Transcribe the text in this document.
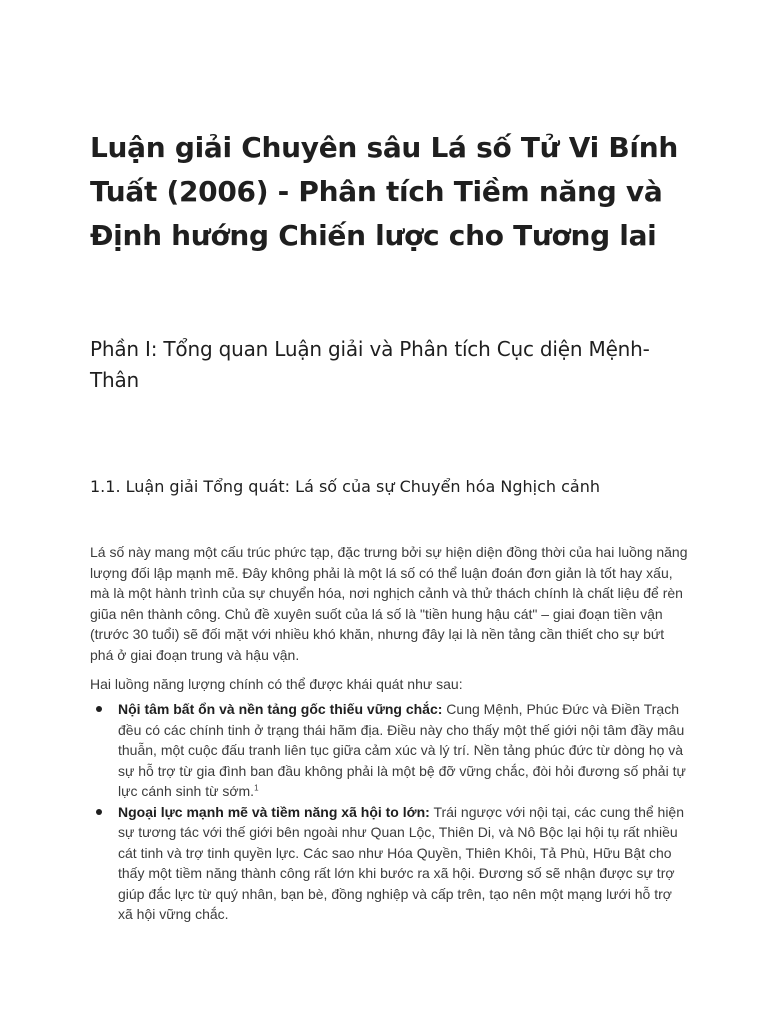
Luận giải Chuyên sâu Lá số Tử Vi Bính Tuất (2006) - Phân tích Tiềm năng và Định hướng Chiến lược cho Tương lai
Phần I: Tổng quan Luận giải và Phân tích Cục diện Mệnh-Thân
1.1. Luận giải Tổng quát: Lá số của sự Chuyển hóa Nghịch cảnh

Lá số này mang một cấu trúc phức tạp, đặc trưng bởi sự hiện diện đồng thời của hai luồng năng lượng đối lập mạnh mẽ. Đây không phải là một lá số có thể luận đoán đơn giản là tốt hay xấu, mà là một hành trình của sự chuyển hóa, nơi nghịch cảnh và thử thách chính là chất liệu để rèn giũa nên thành công. Chủ đề xuyên suốt của lá số là "tiền hung hậu cát" – giai đoạn tiền vận (trước 30 tuổi) sẽ đối mặt với nhiều khó khăn, nhưng đây lại là nền tảng cần thiết cho sự bứt phá ở giai đoạn trung và hậu vận.

Hai luồng năng lượng chính có thể được khái quát như sau:

Nội tâm bất ổn và nền tảng gốc thiếu vững chắc: Cung Mệnh, Phúc Đức và Điền Trạch đều có các chính tinh ở trạng thái hãm địa. Điều này cho thấy một thế giới nội tâm đầy mâu thuẫn, một cuộc đấu tranh liên tục giữa cảm xúc và lý trí. Nền tảng phúc đức từ dòng họ và sự hỗ trợ từ gia đình ban đầu không phải là một bệ đỡ vững chắc, đòi hỏi đương số phải tự lực cánh sinh từ sớm.$^1$
Ngoại lực mạnh mẽ và tiềm năng xã hội to lớn: Trái ngược với nội tại, các cung thể hiện sự tương tác với thế giới bên ngoài như Quan Lộc, Thiên Di, và Nô Bộc lại hội tụ rất nhiều cát tinh và trợ tinh quyền lực. Các sao như Hóa Quyền, Thiên Khôi, Tả Phù, Hữu Bật cho thấy một tiềm năng thành công rất lớn khi bước ra xã hội. Đương số sẽ nhận được sự trợ giúp đắc lực từ quý nhân, bạn bè, đồng nghiệp và cấp trên, tạo nên một mạng lưới hỗ trợ xã hội vững chắc.
